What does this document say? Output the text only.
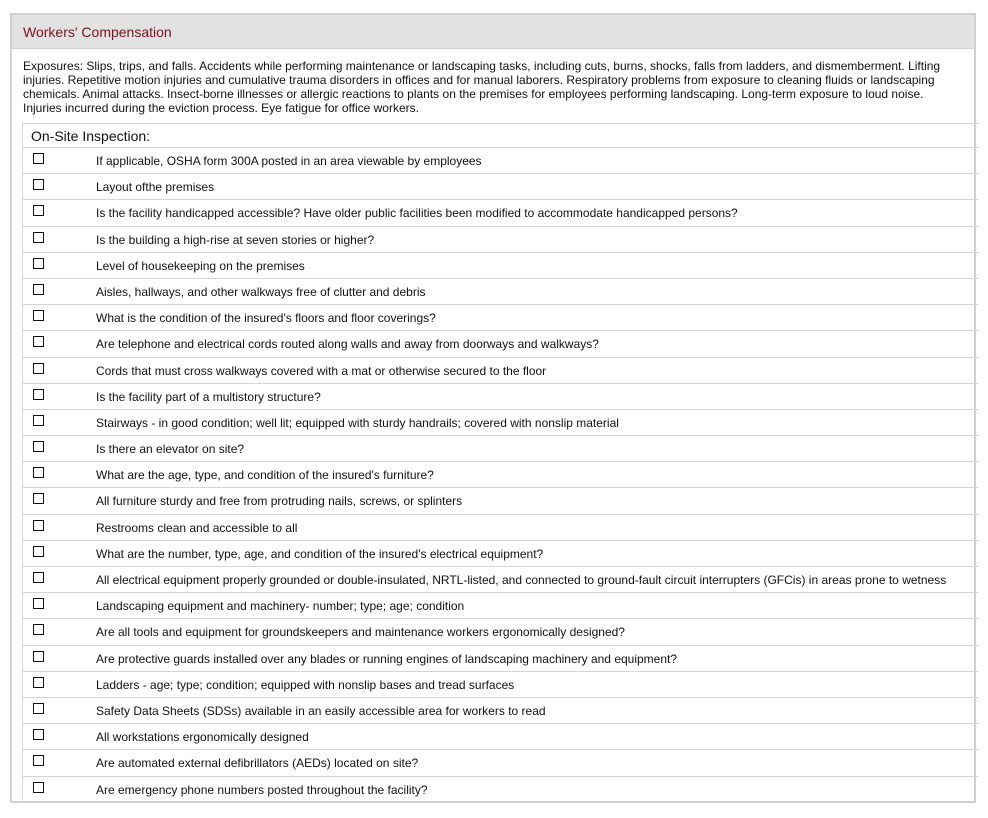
Workers' Compensation
Exposures: Slips, trips, and falls. Accidents while performing maintenance or landscaping tasks, including cuts, burns, shocks, falls from ladders, and dismemberment. Lifting injuries. Repetitive motion injuries and cumulative trauma disorders in offices and for manual laborers. Respiratory problems from exposure to cleaning fluids or landscaping chemicals. Animal attacks. Insect-borne illnesses or allergic reactions to plants on the premises for employees performing landscaping. Long-term exposure to loud noise. Injuries incurred during the eviction process. Eye fatigue for office workers.
On-Site Inspection:
If applicable, OSHA form 300A posted in an area viewable by employees
Layout ofthe premises
Is the facility handicapped accessible? Have older public facilities been modified to accommodate handicapped persons?
Is the building a high-rise at seven stories or higher?
Level of housekeeping on the premises
Aisles, hallways, and other walkways free of clutter and debris
What is the condition of the insured's floors and floor coverings?
Are telephone and electrical cords routed along walls and away from doorways and walkways?
Cords that must cross walkways covered with a mat or otherwise secured to the floor
Is the facility part of a multistory structure?
Stairways - in good condition; well lit; equipped with sturdy handrails; covered with nonslip material
Is there an elevator on site?
What are the age, type, and condition of the insured's furniture?
All furniture sturdy and free from protruding nails, screws, or splinters
Restrooms clean and accessible to all
What are the number, type, age, and condition of the insured's electrical equipment?
All electrical equipment properly grounded or double-insulated, NRTL-listed, and connected to ground-fault circuit interrupters (GFCis) in areas prone to wetness
Landscaping equipment and machinery- number; type; age; condition
Are all tools and equipment for groundskeepers and maintenance workers ergonomically designed?
Are protective guards installed over any blades or running engines of landscaping machinery and equipment?
Ladders - age; type; condition; equipped with nonslip bases and tread surfaces
Safety Data Sheets (SDSs) available in an easily accessible area for workers to read
All workstations ergonomically designed
Are automated external defibrillators (AEDs) located on site?
Are emergency phone numbers posted throughout the facility?
